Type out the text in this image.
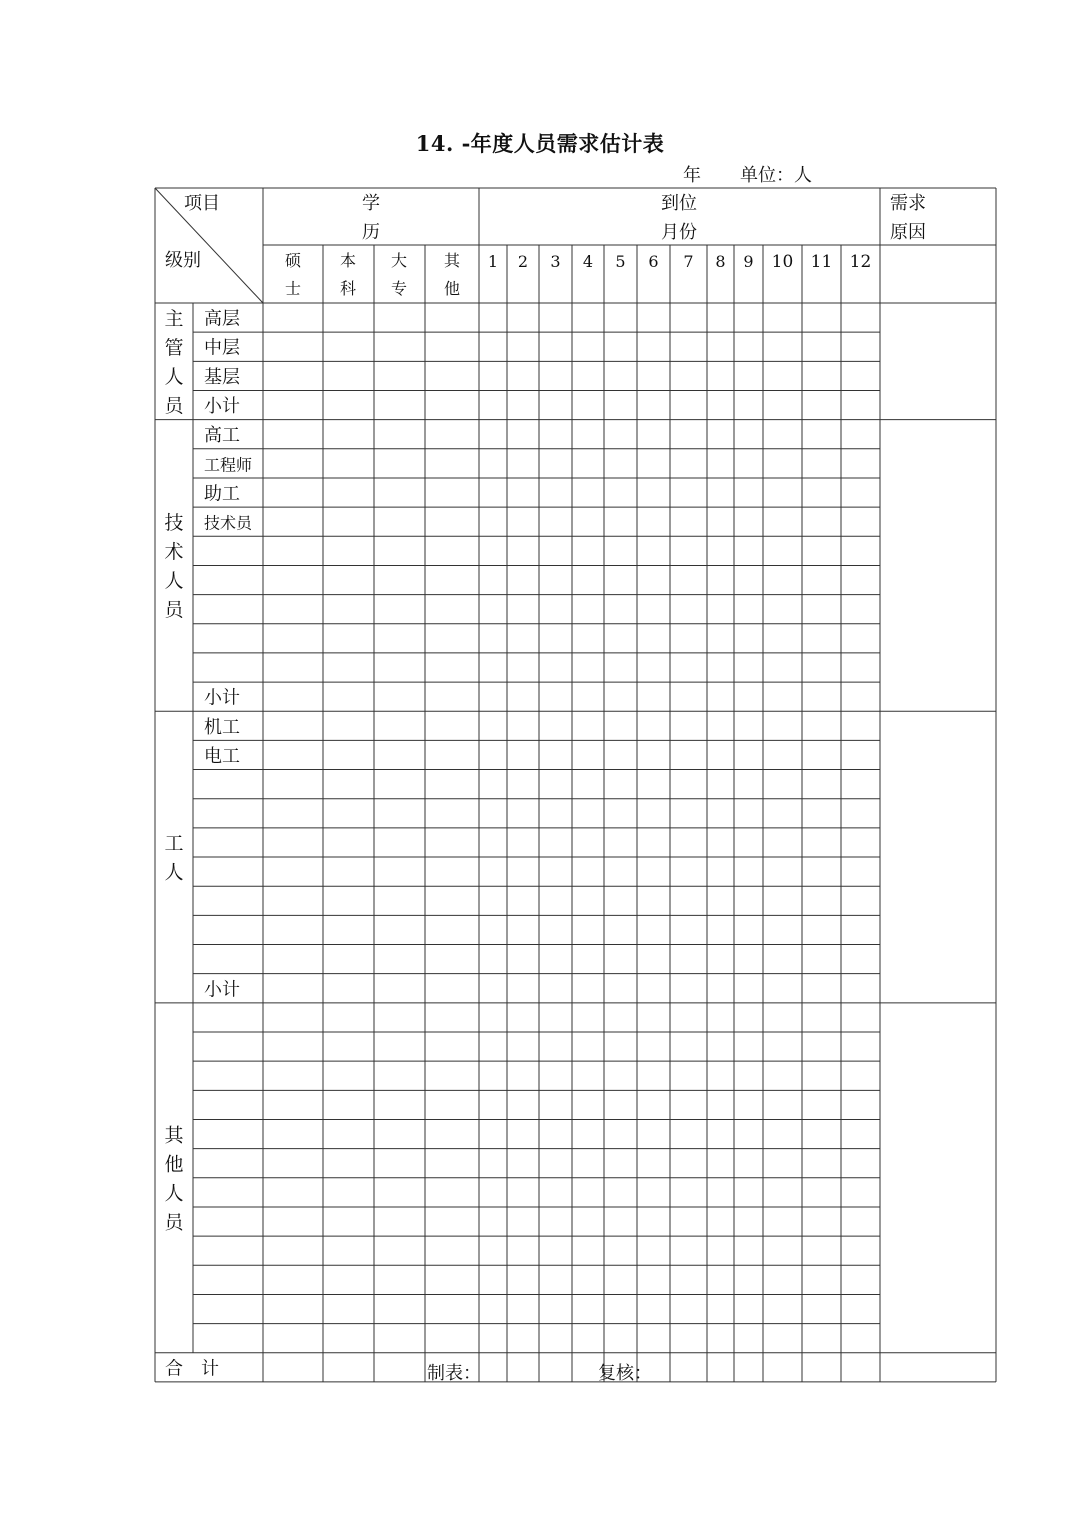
14. -年度人员需求估计表
年 单位：人
项目
级别
学
历
到位
月份
需求
原因
硕
士
本
科
大
专
其
他
1 2 3 4 5 6 7 8 9 10 11 12
主
管
人
员
高层
中层
基层
小计
技
术
人
员
高工
工程师
助工
技术员
小计
工
人
机工
电工
小计
其
他
人
员
合　计	制表：	复核：
